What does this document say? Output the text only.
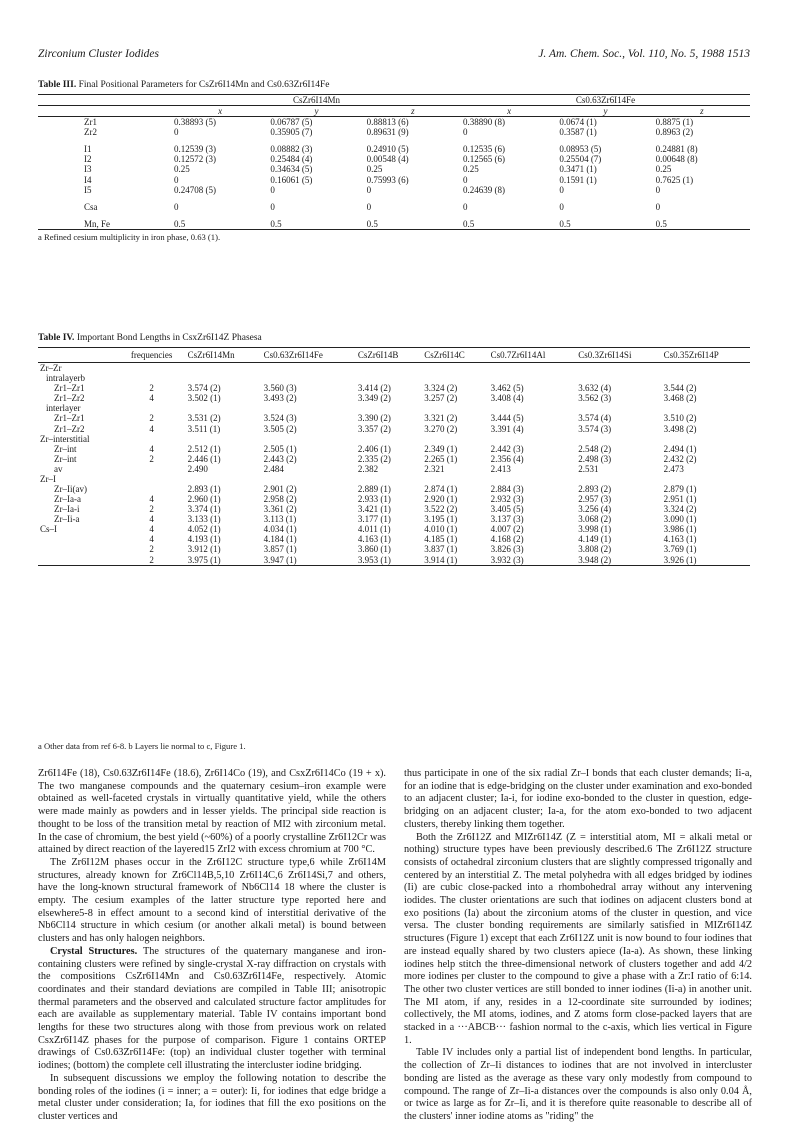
Zirconium Cluster Iodides	J. Am. Chem. Soc., Vol. 110, No. 5, 1988 1513
Table III. Final Positional Parameters for CsZr6I14Mn and Cs0.63Zr6I14Fe
	CsZr6I14Mn			Cs0.63Zr6I14Fe		
	x	y	z	x	y	z
Zr1	0.38893 (5)	0.06787 (5)	0.88813 (6)	0.38890 (8)	0.0674 (1)	0.8875 (1)
Zr2	0	0.35905 (7)	0.89631 (9)	0	0.3587 (1)	0.8963 (2)

I1	0.12539 (3)	0.08882 (3)	0.24910 (5)	0.12535 (6)	0.08953 (5)	0.24881 (8)
I2	0.12572 (3)	0.25484 (4)	0.00548 (4)	0.12565 (6)	0.25504 (7)	0.00648 (8)
I3	0.25	0.34634 (5)	0.25	0.25	0.3471 (1)	0.25
I4	0	0.16061 (5)	0.75993 (6)	0	0.1591 (1)	0.7625 (1)
I5	0.24708 (5)	0	0	0.24639 (8)	0	0

Csa	0	0	0	0	0	0

Mn, Fe	0.5	0.5	0.5	0.5	0.5	0.5
a Refined cesium multiplicity in iron phase, 0.63 (1).
Table IV. Important Bond Lengths in CsxZr6I14Z Phasesa
	frequencies	CsZr6I14Mn	Cs0.63Zr6I14Fe	CsZr6I14B	CsZr6I14C	Cs0.7Zr6I14Al	Cs0.3Zr6I14Si	Cs0.35Zr6I14P
Zr–Zr								
intralayerb								
Zr1–Zr1	2	3.574 (2)	3.560 (3)	3.414 (2)	3.324 (2)	3.462 (5)	3.632 (4)	3.544 (2)
Zr1–Zr2	4	3.502 (1)	3.493 (2)	3.349 (2)	3.257 (2)	3.408 (4)	3.562 (3)	3.468 (2)
interlayer								
Zr1–Zr1	2	3.531 (2)	3.524 (3)	3.390 (2)	3.321 (2)	3.444 (5)	3.574 (4)	3.510 (2)
Zr1–Zr2	4	3.511 (1)	3.505 (2)	3.357 (2)	3.270 (2)	3.391 (4)	3.574 (3)	3.498 (2)
Zr–interstitial								
Zr–int	4	2.512 (1)	2.505 (1)	2.406 (1)	2.349 (1)	2.442 (3)	2.548 (2)	2.494 (1)
Zr–int	2	2.446 (1)	2.443 (2)	2.335 (2)	2.265 (1)	2.356 (4)	2.498 (3)	2.432 (2)
av		2.490	2.484	2.382	2.321	2.413	2.531	2.473
Zr–I								
Zr–Ii(av)		2.893 (1)	2.901 (2)	2.889 (1)	2.874 (1)	2.884 (3)	2.893 (2)	2.879 (1)
Zr–Ia-a	4	2.960 (1)	2.958 (2)	2.933 (1)	2.920 (1)	2.932 (3)	2.957 (3)	2.951 (1)
Zr–Ia-i	2	3.374 (1)	3.361 (2)	3.421 (1)	3.522 (2)	3.405 (5)	3.256 (4)	3.324 (2)
Zr–Ii-a	4	3.133 (1)	3.113 (1)	3.177 (1)	3.195 (1)	3.137 (3)	3.068 (2)	3.090 (1)
Cs–I	4	4.052 (1)	4.034 (1)	4.011 (1)	4.010 (1)	4.007 (2)	3.998 (1)	3.986 (1)
	4	4.193 (1)	4.184 (1)	4.163 (1)	4.185 (1)	4.168 (2)	4.149 (1)	4.163 (1)
	2	3.912 (1)	3.857 (1)	3.860 (1)	3.837 (1)	3.826 (3)	3.808 (2)	3.769 (1)
	2	3.975 (1)	3.947 (1)	3.953 (1)	3.914 (1)	3.932 (3)	3.948 (2)	3.926 (1)
a Other data from ref 6-8. b Layers lie normal to c, Figure 1.

Zr6I14Fe (18), Cs0.63Zr6I14Fe (18.6), Zr6I14Co (19), and CsxZr6I14Co (19 + x). The two manganese compounds and the quaternary cesium–iron example were obtained as well-faceted crystals in virtually quantitative yield, while the others were made mainly as powders and in lesser yields. The principal side reaction is thought to be loss of the transition metal by reaction of MI2 with zirconium metal. In the case of chromium, the best yield (~60%) of a poorly crystalline Zr6I12Cr was attained by direct reaction of the layered15 ZrI2 with excess chromium at 700 °C.

The Zr6I12M phases occur in the Zr6I12C structure type,6 while Zr6I14M structures, already known for Zr6Cl14B,5,10 Zr6I14C,6 Zr6I14Si,7 and others, have the long-known structural framework of Nb6Cl14 18 where the cluster is empty. The cesium examples of the latter structure type reported here and elsewhere5-8 in effect amount to a second kind of interstitial derivative of the Nb6Cl14 structure in which cesium (or another alkali metal) is bound between clusters and has only halogen neighbors.

Crystal Structures. The structures of the quaternary manganese and iron-containing clusters were refined by single-crystal X-ray diffraction on crystals with the compositions CsZr6I14Mn and Cs0.63Zr6I14Fe, respectively. Atomic coordinates and their standard deviations are compiled in Table III; anisotropic thermal parameters and the observed and calculated structure factor amplitudes for each are available as supplementary material. Table IV contains important bond lengths for these two structures along with those from previous work on related CsxZr6I14Z phases for the purpose of comparison. Figure 1 contains ORTEP drawings of Cs0.63Zr6I14Fe: (top) an individual cluster together with terminal iodines; (bottom) the complete cell illustrating the intercluster iodine bridging.

In subsequent discussions we employ the following notation to describe the bonding roles of the iodines (i = inner; a = outer): Ii, for iodines that edge bridge a metal cluster under consideration; Ia, for iodines that fill the exo positions on the cluster vertices and

thus participate in one of the six radial Zr–I bonds that each cluster demands; Ii-a, for an iodine that is edge-bridging on the cluster under examination and exo-bonded to an adjacent cluster; Ia-i, for iodine exo-bonded to the cluster in question, edge-bridging on an adjacent cluster; Ia-a, for the atom exo-bonded to two adjacent clusters, thereby linking them together.

Both the Zr6I12Z and MIZr6I14Z (Z = interstitial atom, MI = alkali metal or nothing) structure types have been previously described.6 The Zr6I12Z structure consists of octahedral zirconium clusters that are slightly compressed trigonally and centered by an interstitial Z. The metal polyhedra with all edges bridged by iodines (Ii) are cubic close-packed into a rhombohedral array without any intervening iodides. The cluster orientations are such that iodines on adjacent clusters bond at exo positions (Ia) about the zirconium atoms of the cluster in question, and vice versa. The cluster bonding requirements are similarly satisfied in MIZr6I14Z structures (Figure 1) except that each Zr6I12Z unit is now bound to four iodines that are instead equally shared by two clusters apiece (Ia-a). As shown, these linking iodines help stitch the three-dimensional network of clusters together and add 4/2 more iodines per cluster to the compound to give a phase with a Zr:I ratio of 6:14. The other two cluster vertices are still bonded to inner iodines (Ii-a) in another unit. The MI atom, if any, resides in a 12-coordinate site surrounded by iodines; collectively, the MI atoms, iodines, and Z atoms form close-packed layers that are stacked in a ···ABCB··· fashion normal to the c-axis, which lies vertical in Figure 1.

Table IV includes only a partial list of independent bond lengths. In particular, the collection of Zr–Ii distances to iodines that are not involved in intercluster bonding are listed as the average as these vary only modestly from compound to compound. The range of Zr–Ii-a distances over the compounds is also only 0.04 Å, or twice as large as for Zr–Ii, and it is therefore quite reasonable to describe all of the clusters' inner iodine atoms as "riding" the
